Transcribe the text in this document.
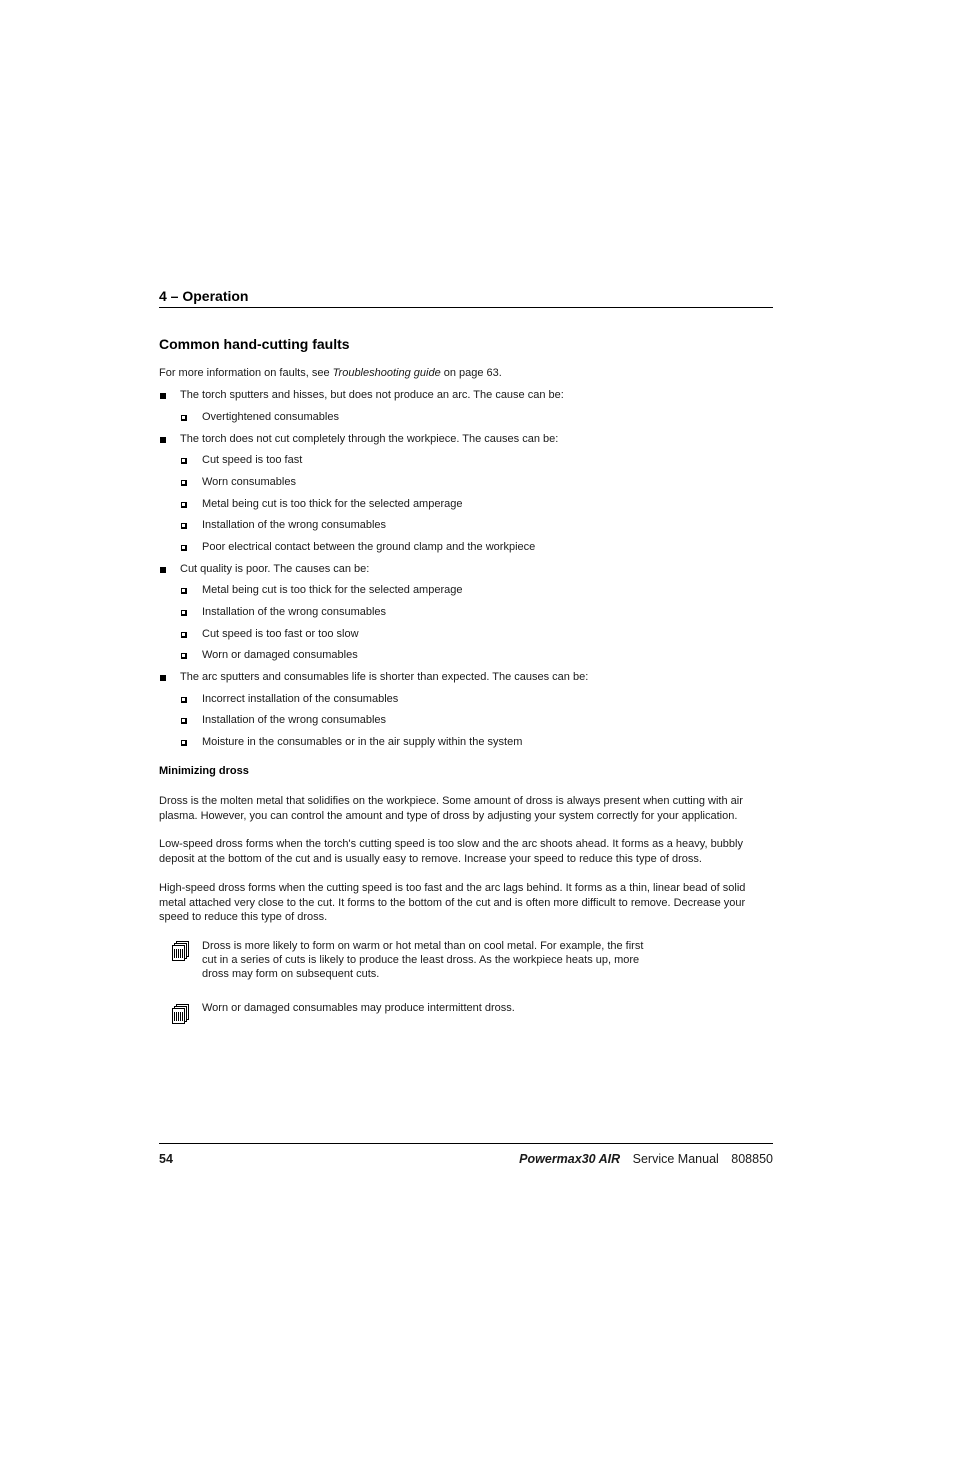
4 – Operation
Common hand-cutting faults
For more information on faults, see Troubleshooting guide on page 63.
The torch sputters and hisses, but does not produce an arc. The cause can be:
Overtightened consumables
The torch does not cut completely through the workpiece. The causes can be:
Cut speed is too fast
Worn consumables
Metal being cut is too thick for the selected amperage
Installation of the wrong consumables
Poor electrical contact between the ground clamp and the workpiece
Cut quality is poor. The causes can be:
Metal being cut is too thick for the selected amperage
Installation of the wrong consumables
Cut speed is too fast or too slow
Worn or damaged consumables
The arc sputters and consumables life is shorter than expected. The causes can be:
Incorrect installation of the consumables
Installation of the wrong consumables
Moisture in the consumables or in the air supply within the system
Minimizing dross
Dross is the molten metal that solidifies on the workpiece. Some amount of dross is always present when cutting with air plasma. However, you can control the amount and type of dross by adjusting your system correctly for your application.
Low-speed dross forms when the torch's cutting speed is too slow and the arc shoots ahead. It forms as a heavy, bubbly deposit at the bottom of the cut and is usually easy to remove. Increase your speed to reduce this type of dross.
High-speed dross forms when the cutting speed is too fast and the arc lags behind. It forms as a thin, linear bead of solid metal attached very close to the cut. It forms to the bottom of the cut and is often more difficult to remove. Decrease your speed to reduce this type of dross.
Dross is more likely to form on warm or hot metal than on cool metal. For example, the first cut in a series of cuts is likely to produce the least dross. As the workpiece heats up, more dross may form on subsequent cuts.
Worn or damaged consumables may produce intermittent dross.
54	Powermax30 AIR Service Manual 808850
